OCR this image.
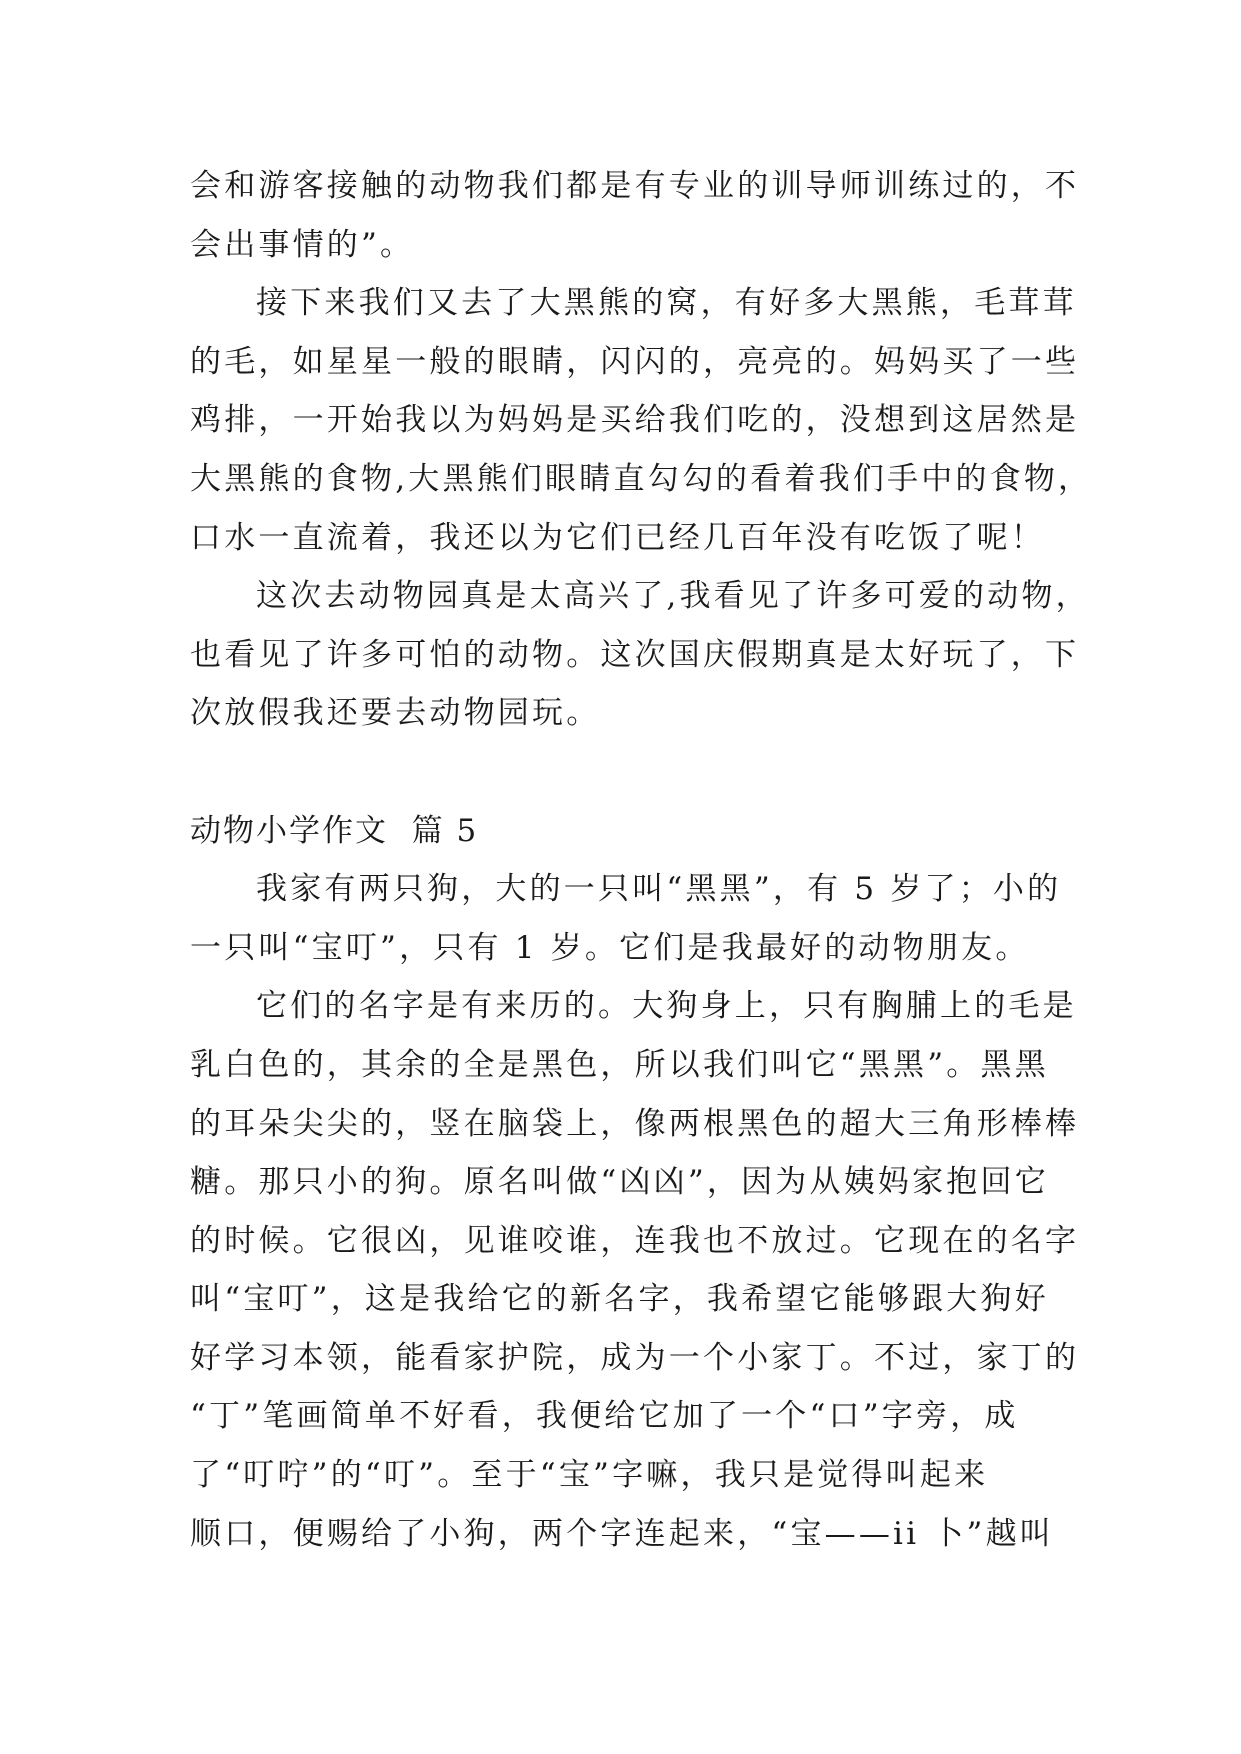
会和游客接触的动物我们都是有专业的训导师训练过的，不
会出事情的”。
接下来我们又去了大黑熊的窝，有好多大黑熊，毛茸茸
的毛，如星星一般的眼睛，闪闪的，亮亮的。妈妈买了一些
鸡排，一开始我以为妈妈是买给我们吃的，没想到这居然是
大黑熊的食物,大黑熊们眼睛直勾勾的看着我们手中的食物，
口水一直流着，我还以为它们已经几百年没有吃饭了呢！
这次去动物园真是太高兴了,我看见了许多可爱的动物，
也看见了许多可怕的动物。这次国庆假期真是太好玩了，下
次放假我还要去动物园玩。
动物小学作文  篇 5
我家有两只狗，大的一只叫“黑黑”，有 5 岁了；小的
一只叫“宝叮”，只有 1 岁。它们是我最好的动物朋友。
它们的名字是有来历的。大狗身上，只有胸脯上的毛是
乳白色的，其余的全是黑色，所以我们叫它“黑黑”。黑黑
的耳朵尖尖的，竖在脑袋上，像两根黑色的超大三角形棒棒
糖。那只小的狗。原名叫做“凶凶”，因为从姨妈家抱回它
的时候。它很凶，见谁咬谁，连我也不放过。它现在的名字
叫“宝叮”，这是我给它的新名字，我希望它能够跟大狗好
好学习本领，能看家护院，成为一个小家丁。不过，家丁的
“丁”笔画简单不好看，我便给它加了一个“口”字旁，成
了“叮咛”的“叮”。至于“宝”字嘛，我只是觉得叫起来
顺口，便赐给了小狗，两个字连起来，“宝——ii 卜”越叫
